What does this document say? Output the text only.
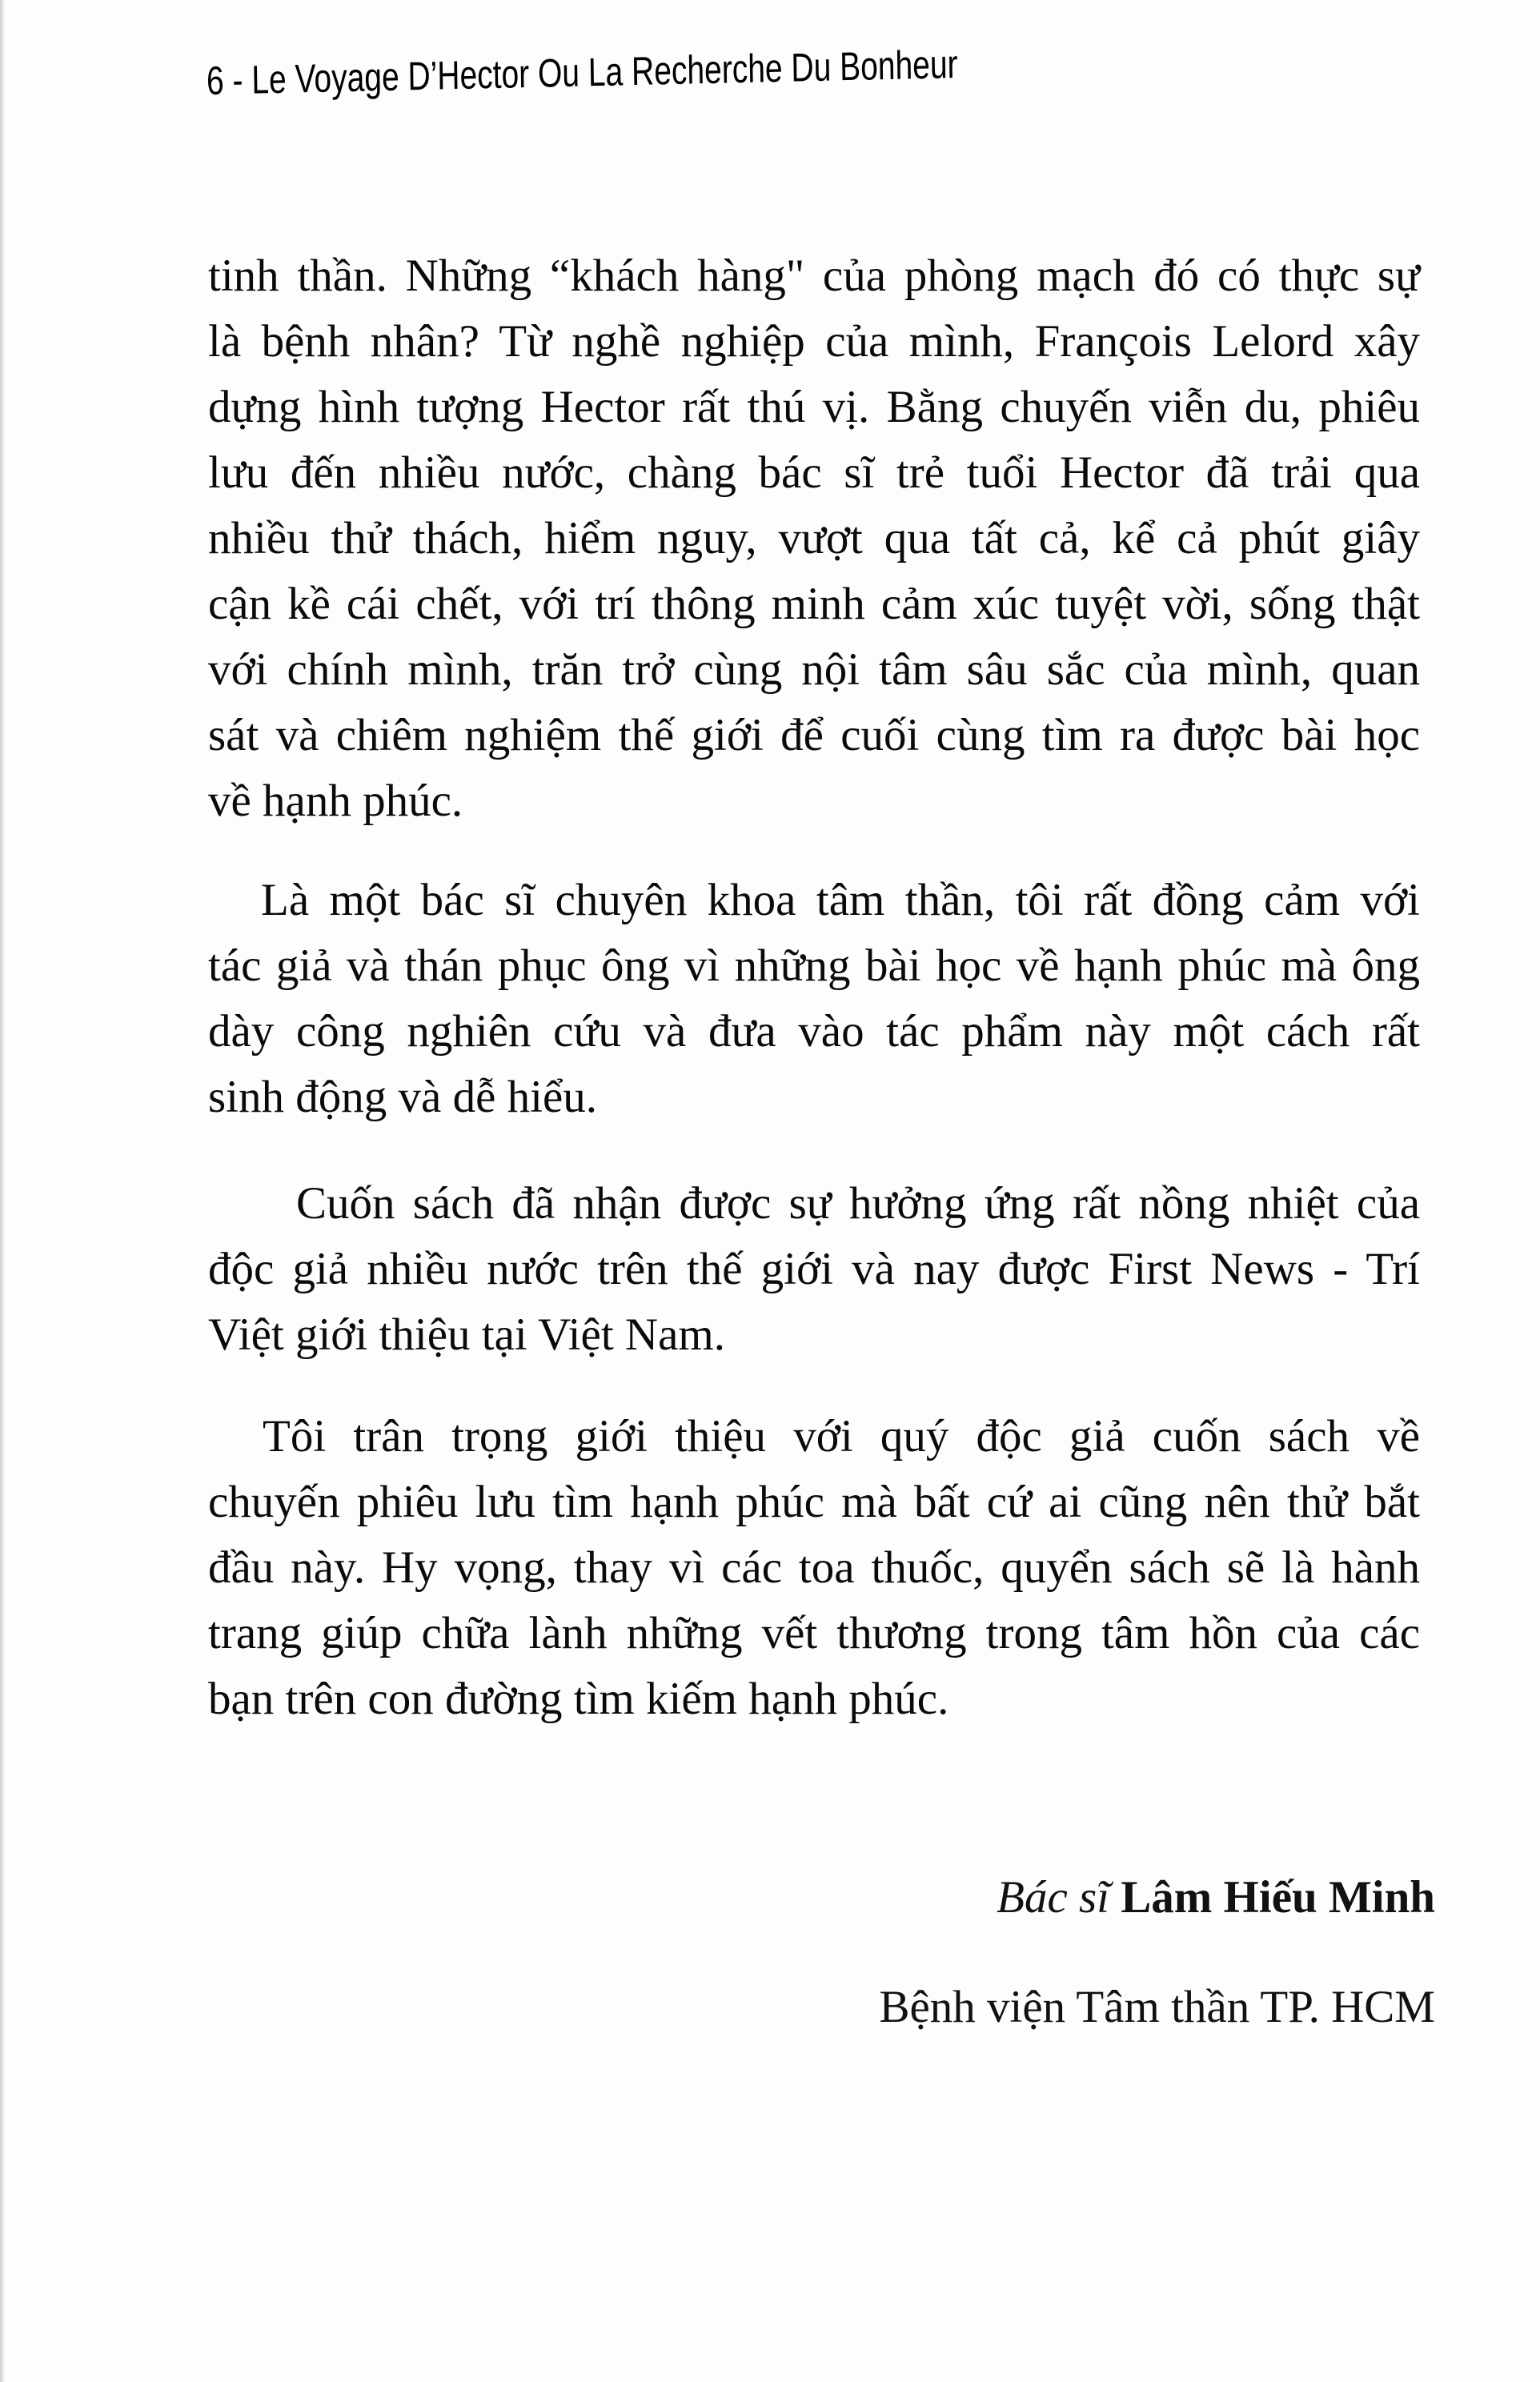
6 - Le Voyage D’Hector Ou La Recherche Du Bonheur
tinh thần. Những “khách hàng" của phòng mạch đó có thực sự
là bệnh nhân? Từ nghề nghiệp của mình, François Lelord xây
dựng hình tượng Hector rất thú vị. Bằng chuyến viễn du, phiêu
lưu đến nhiều nước, chàng bác sĩ trẻ tuổi Hector đã trải qua
nhiều thử thách, hiểm nguy, vượt qua tất cả, kể cả phút giây
cận kề cái chết, với trí thông minh cảm xúc tuyệt vời, sống thật
với chính mình, trăn trở cùng nội tâm sâu sắc của mình, quan
sát và chiêm nghiệm thế giới để cuối cùng tìm ra được bài học
về hạnh phúc.
Là một bác sĩ chuyên khoa tâm thần, tôi rất đồng cảm với
tác giả và thán phục ông vì những bài học về hạnh phúc mà ông
dày công nghiên cứu và đưa vào tác phẩm này một cách rất
sinh động và dễ hiểu.
Cuốn sách đã nhận được sự hưởng ứng rất nồng nhiệt của
độc giả nhiều nước trên thế giới và nay được First News - Trí
Việt giới thiệu tại Việt Nam.
Tôi trân trọng giới thiệu với quý độc giả cuốn sách về
chuyến phiêu lưu tìm hạnh phúc mà bất cứ ai cũng nên thử bắt
đầu này. Hy vọng, thay vì các toa thuốc, quyển sách sẽ là hành
trang giúp chữa lành những vết thương trong tâm hồn của các
bạn trên con đường tìm kiếm hạnh phúc.
Bác sĩ Lâm Hiếu Minh
Bệnh viện Tâm thần TP. HCM
